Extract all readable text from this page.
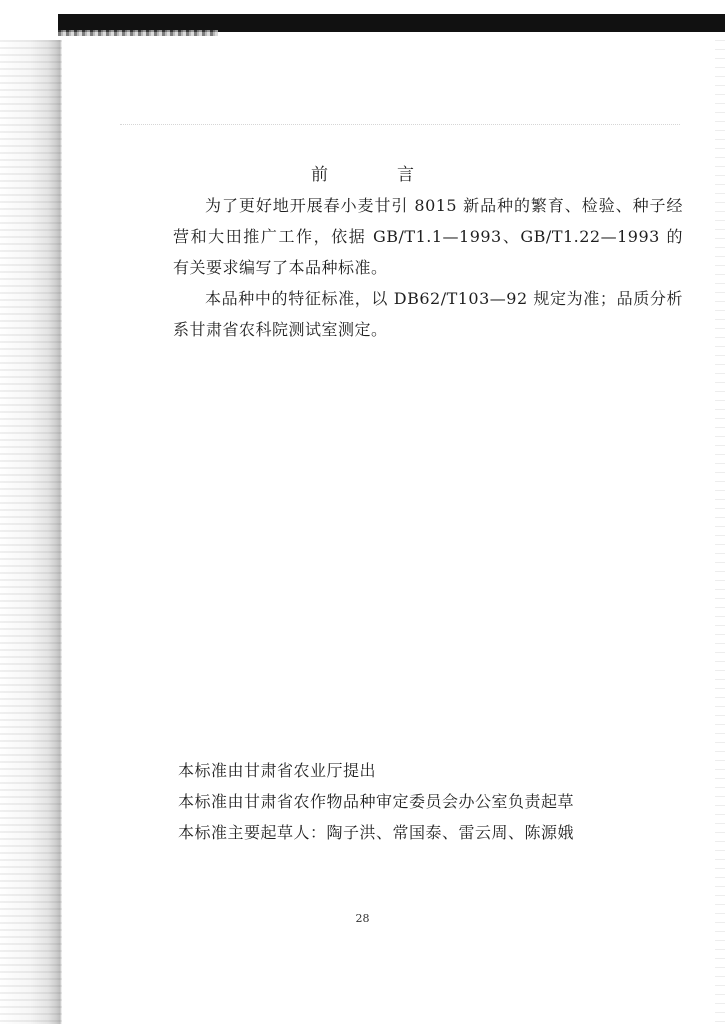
前　言

为了更好地开展春小麦甘引 8015 新品种的繁育、检验、种子经营和大田推广工作，依据 GB/T1.1—1993、GB/T1.22—1993 的有关要求编写了本品种标准。

本品种中的特征标准，以 DB62/T103—92 规定为准；品质分析系甘肃省农科院测试室测定。

本标准由甘肃省农业厅提出

本标准由甘肃省农作物品种审定委员会办公室负责起草

本标准主要起草人：陶子洪、常国泰、雷云周、陈源娥

28
